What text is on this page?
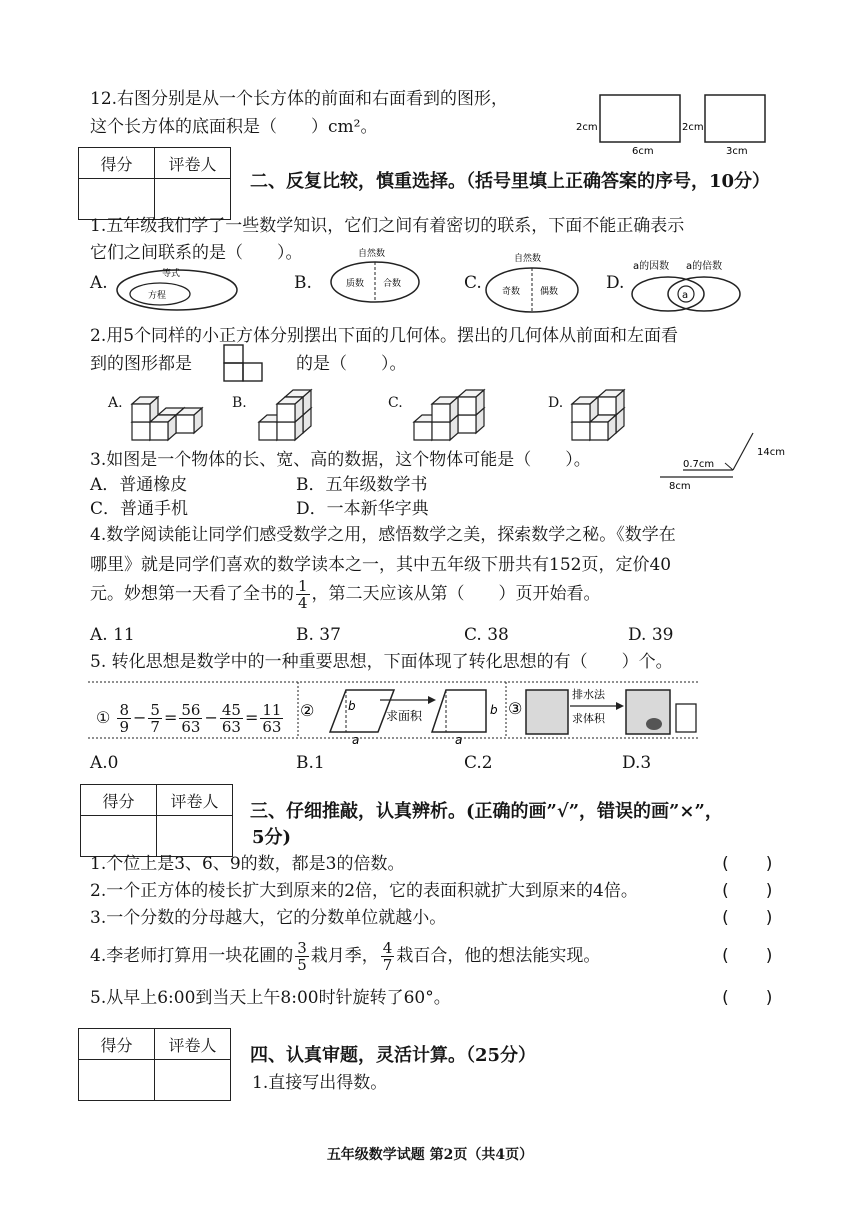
12.右图分别是从一个长方体的前面和右面看到的图形，
这个长方体的底面积是（　　）cm²。	2cm
6cm
2cm
3cm
得分	评卷人

二、反复比较，慎重选择。（括号里填上正确答案的序号，10分）
1.五年级我们学了一些数学知识，它们之间有着密切的联系，下面不能正确表示
它们之间联系的是（　　）。
A.	等式
方程
B.
自然数
质数 合数	C.
自然数
奇数 偶数	D.
a的因数 a的倍数
a
2.用5个同样的小正方体分别摆出下面的几何体。摆出的几何体从前面和左面看
到的图形都是	的是（　　）。
A.	B.	C.	D.
3.如图是一个物体的长、宽、高的数据，这个物体可能是（　　）。	0.7cm
8cm
14cm
A．普通橡皮	B．五年级数学书
C．普通手机	D．一本新华字典
4.数学阅读能让同学们感受数学之用，感悟数学之美，探索数学之秘。《数学在
哪里》就是同学们喜欢的数学读本之一，其中五年级下册共有152页，定价40
元。妙想第一天看了全书的 $\frac{1}{4}$ ，第二天应该从第（　　）页开始看。
A. 11	B. 37	C. 38	D. 39
5. 转化思想是数学中的一种重要思想，下面体现了转化思想的有（　　）个。
① $\frac{8}{9} - \frac{5}{7} = \frac{56}{63} - \frac{45}{63} = \frac{11}{63}$ ②	b
a
求面积	b
a
③
排水法
求体积
A.0	B.1	C.2	D.3
得分	评卷人
	三、仔细推敲，认真辨析。(正确的画”√”，错误的画”×”，
5分)
1.个位上是3、6、9的数，都是3的倍数。	(　　)
2.一个正方体的棱长扩大到原来的2倍，它的表面积就扩大到原来的4倍。	(　　)
3.一个分数的分母越大，它的分数单位就越小。	(　　)
4.李老师打算用一块花圃的 $\frac{3}{5}$ 栽月季， $\frac{4}{7}$ 栽百合，他的想法能实现。	(　　)
5.从早上6:00到当天上午8:00时针旋转了60°。	(　　)
得分	评卷人
	四、认真审题，灵活计算。（25分）
1.直接写出得数。
五年级数学试题 第2页（共4页）
